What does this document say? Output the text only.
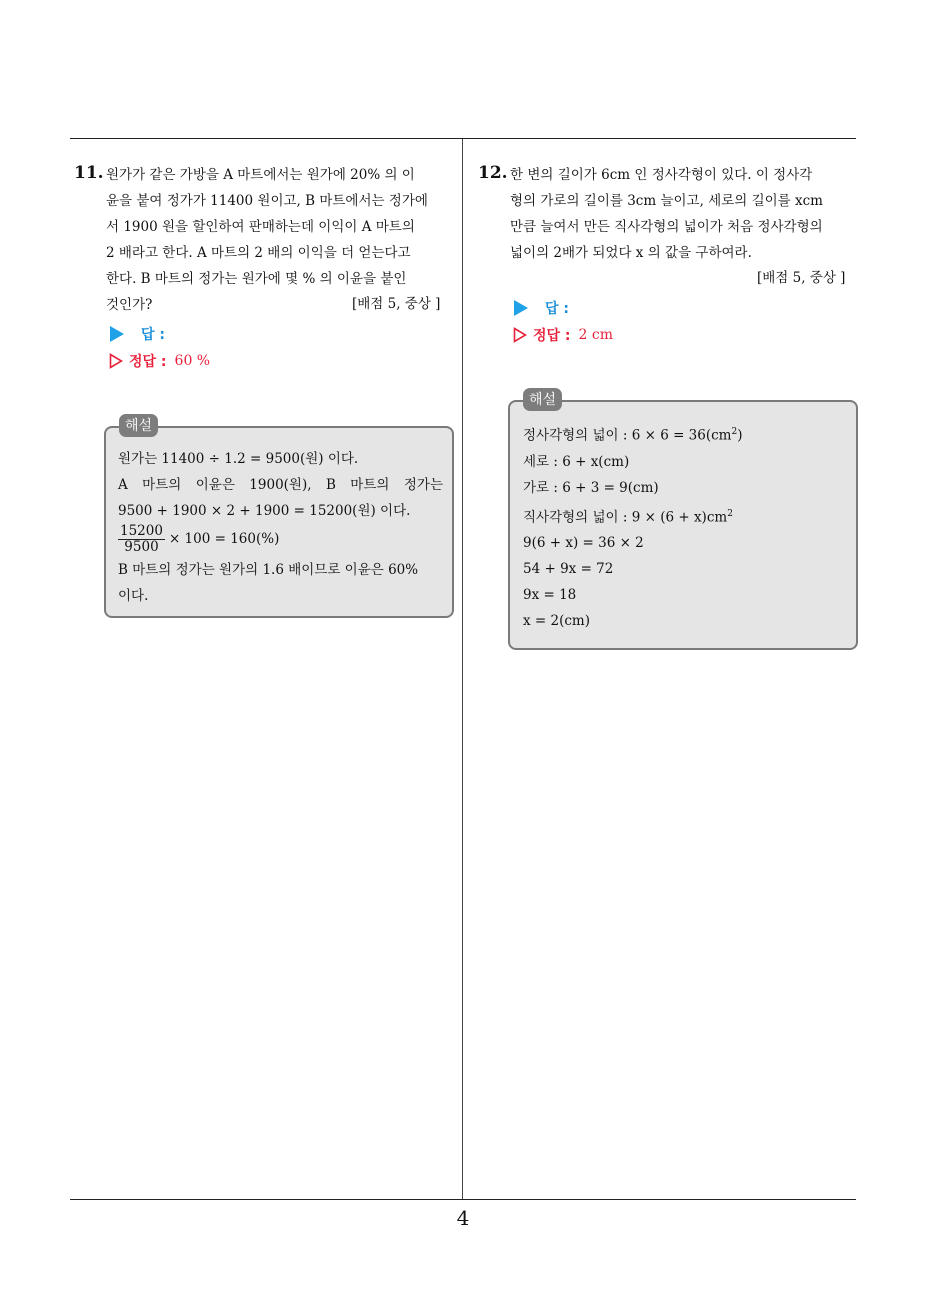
4
11. 원가가 같은 가방을 A 마트에서는 원가에 20% 의 이
윤을 붙여 정가가 11400 원이고, B 마트에서는 정가에
서 1900 원을 할인하여 판매하는데 이익이 A 마트의
2 배라고 한다. A 마트의 2 배의 이익을 더 얻는다고
한다. B 마트의 정가는 원가에 몇 % 의 이윤을 붙인
것인가?	[배점 5, 중상 ]
답 :
정답 : 60 %
해설
원가는 11400 ÷ 1.2 = 9500(원) 이다.
A 마트의 이윤은 1900(원), B 마트의 정가는
9500 + 1900 × 2 + 1900 = 15200(원) 이다.
$\frac{15200}{9500} \times 100 = 160(\%)$
B 마트의 정가는 원가의 1.6 배이므로 이윤은 60%
이다.
12. 한 변의 길이가 6cm 인 정사각형이 있다. 이 정사각
형의 가로의 길이를 3cm 늘이고, 세로의 길이를 xcm
만큼 늘여서 만든 직사각형의 넓이가 처음 정사각형의
넓이의 2배가 되었다 x 의 값을 구하여라.
[배점 5, 중상 ]
답 :
정답 : 2 cm
해설
정사각형의 넓이 : $6 \times 6 = 36(cm^2)$
세로 : 6 + x(cm)
가로 : 6 + 3 = 9(cm)
직사각형의 넓이 : $9 \times (6 + x)cm^2$
9(6 + x) = 36 × 2
54 + 9x = 72
9x = 18
x = 2(cm)
